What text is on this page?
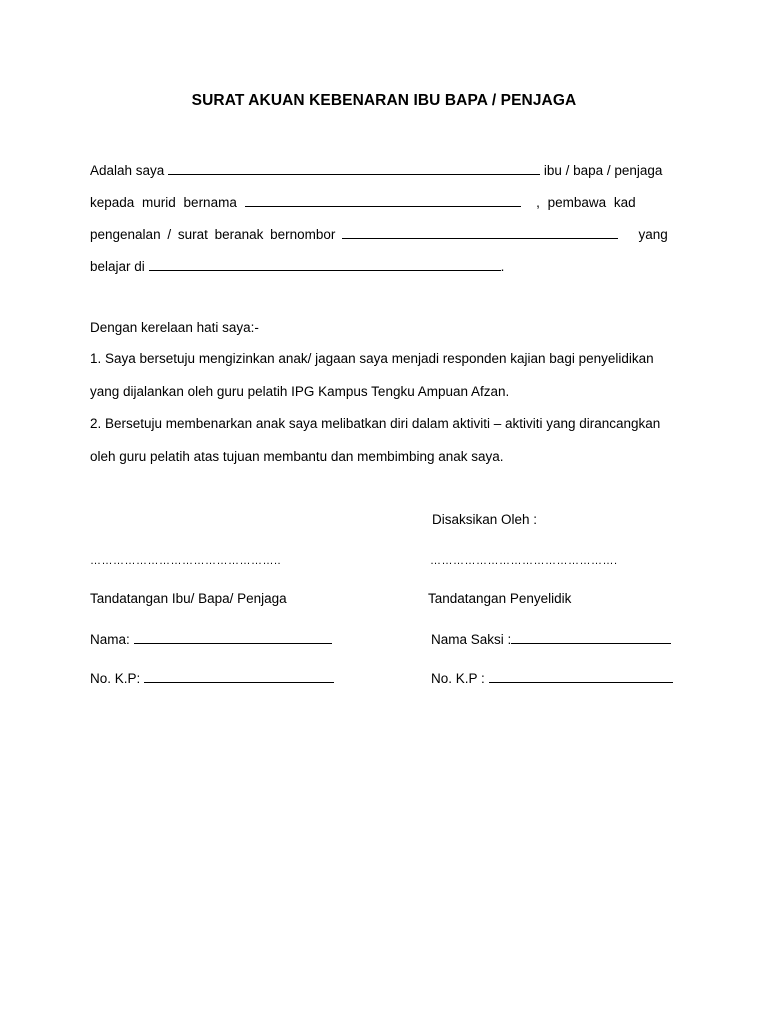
SURAT AKUAN KEBENARAN IBU BAPA / PENJAGA
Adalah saya	ibu / bapa / penjaga
kepada murid bernama	, pembawa kad
pengenalan / surat beranak bernombor	yang
belajar di	.
Dengan kerelaan hati saya:-
1. Saya bersetuju mengizinkan anak/ jagaan saya menjadi responden kajian bagi penyelidikan
yang dijalankan oleh guru pelatih IPG Kampus Tengku Ampuan Afzan.
2. Bersetuju membenarkan anak saya melibatkan diri dalam aktiviti – aktiviti yang dirancangkan
oleh guru pelatih atas tujuan membantu dan membimbing anak saya.
Disaksikan Oleh :
…………………………………………..	………………………………………….
Tandatangan Ibu/ Bapa/ Penjaga	Tandatangan Penyelidik
Nama:	Nama Saksi :
No. K.P:	No. K.P :
